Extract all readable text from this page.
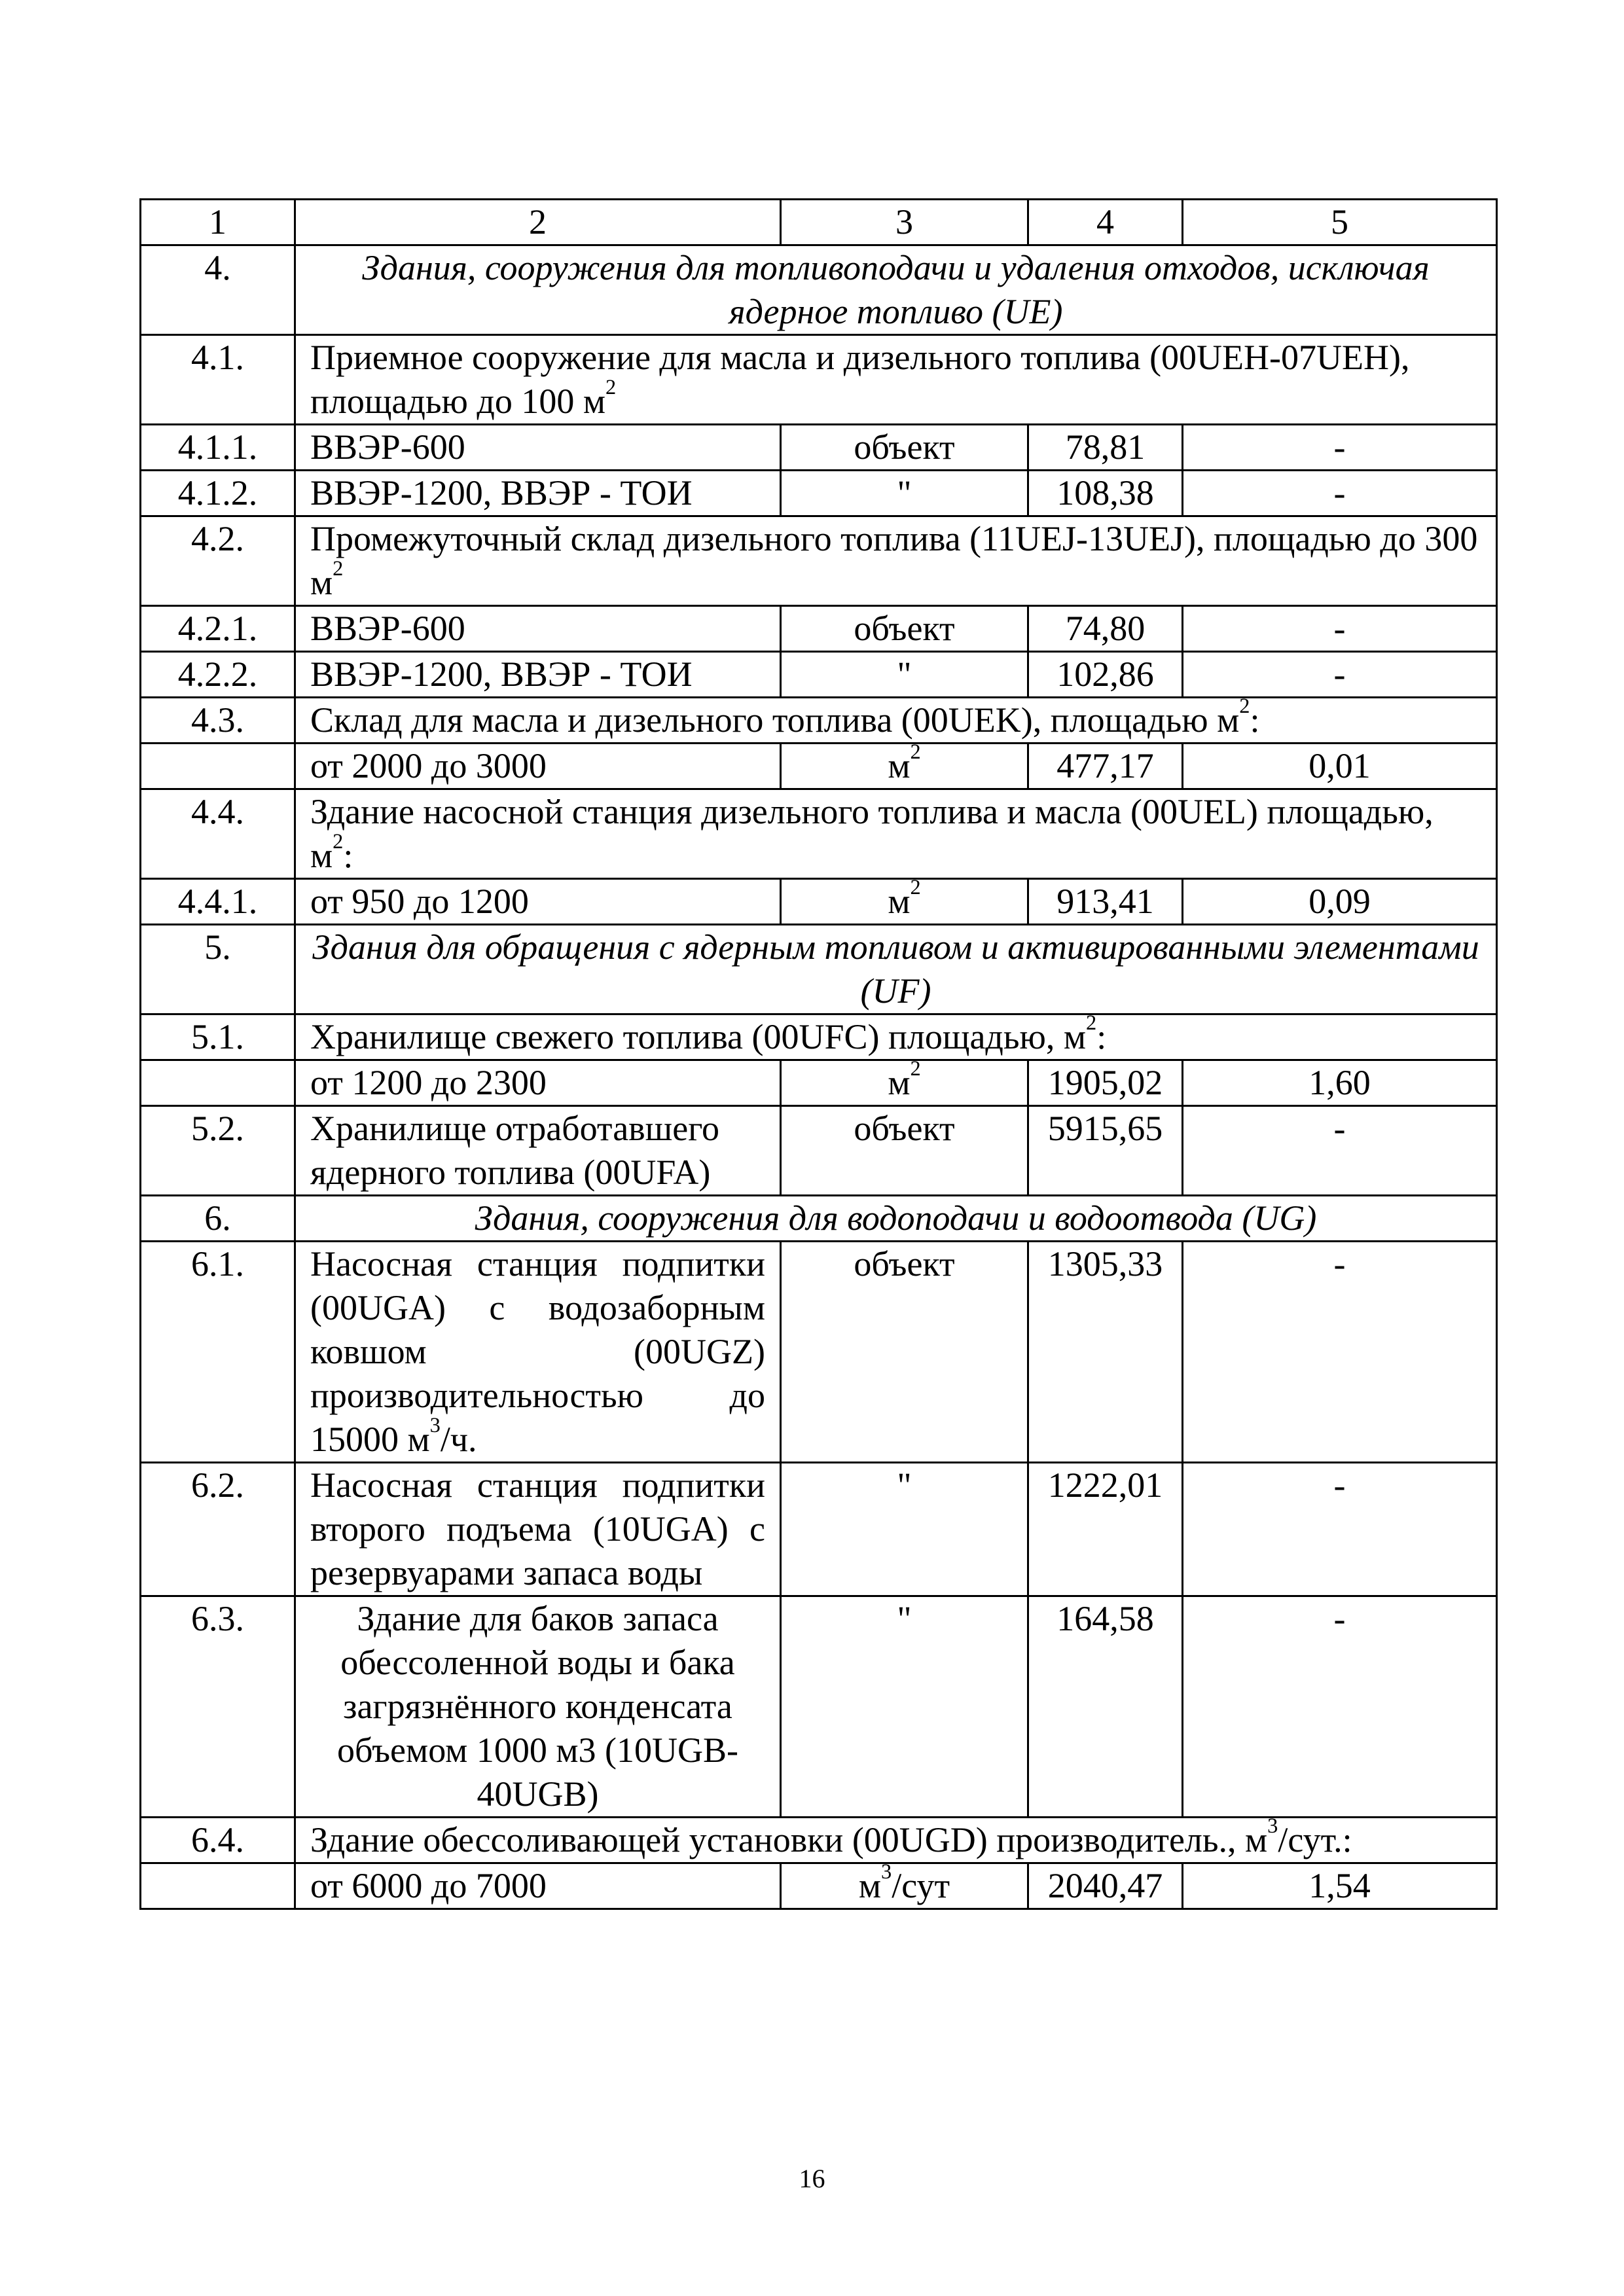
1	2	3	4	5
4.	Здания, сооружения для топливоподачи и удаления отходов, исключая ядерное топливо (UE)			
4.1.	Приемное сооружение для масла и дизельного топлива (00UEH-07UEH), площадью до 100 $м^2$
4.1.1.	ВВЭР-600	объект	78,81	-
4.1.2.	ВВЭР-1200, ВВЭР - ТОИ	"	108,38	-
4.2.	Промежуточный склад дизельного топлива (11UEJ-13UEJ), площадью до 300 $м^2$
4.2.1.	ВВЭР-600	объект	74,80	-
4.2.2.	ВВЭР-1200, ВВЭР - ТОИ	"	102,86	-
4.3.	Склад для масла и дизельного топлива (00UEK), площадью $м^2$:			
	от 2000 до 3000	$м^2$	477,17	0,01
4.4.	Здание насосной станция дизельного топлива и масла (00UEL) площадью, $м^2$:			
4.4.1.	от 950 до 1200	$м^2$	913,41	0,09
5.	Здания для обращения с ядерным топливом и активированными элементами (UF)			
5.1.	Хранилище свежего топлива (00UFC) площадью, $м^2$:			
	от 1200 до 2300	$м^2$	1905,02	1,60
5.2.	Хранилище отработавшего ядерного топлива (00UFA)	объект	5915,65	-
6.	Здания, сооружения для водоподачи и водоотвода (UG)			
6.1.	Насосная станция подпитки (00UGA) с водозаборным ковшом (00UGZ) производительностью до 15000 $м^3/ч$.	объект	1305,33	-
6.2.	Насосная станция подпитки второго подъема (10UGA) с резервуарами запаса воды	"	1222,01	-
6.3.	Здание для баков запаса обессоленной воды и бака загрязнённого конденсата объемом 1000 м3 (10UGB-40UGB)	"	164,58	-
6.4.	Здание обессоливающей установки (00UGD) производитель., $м^3$/сут.:			
	от 6000 до 7000	$м^3$/сут	2040,47	1,54
16
